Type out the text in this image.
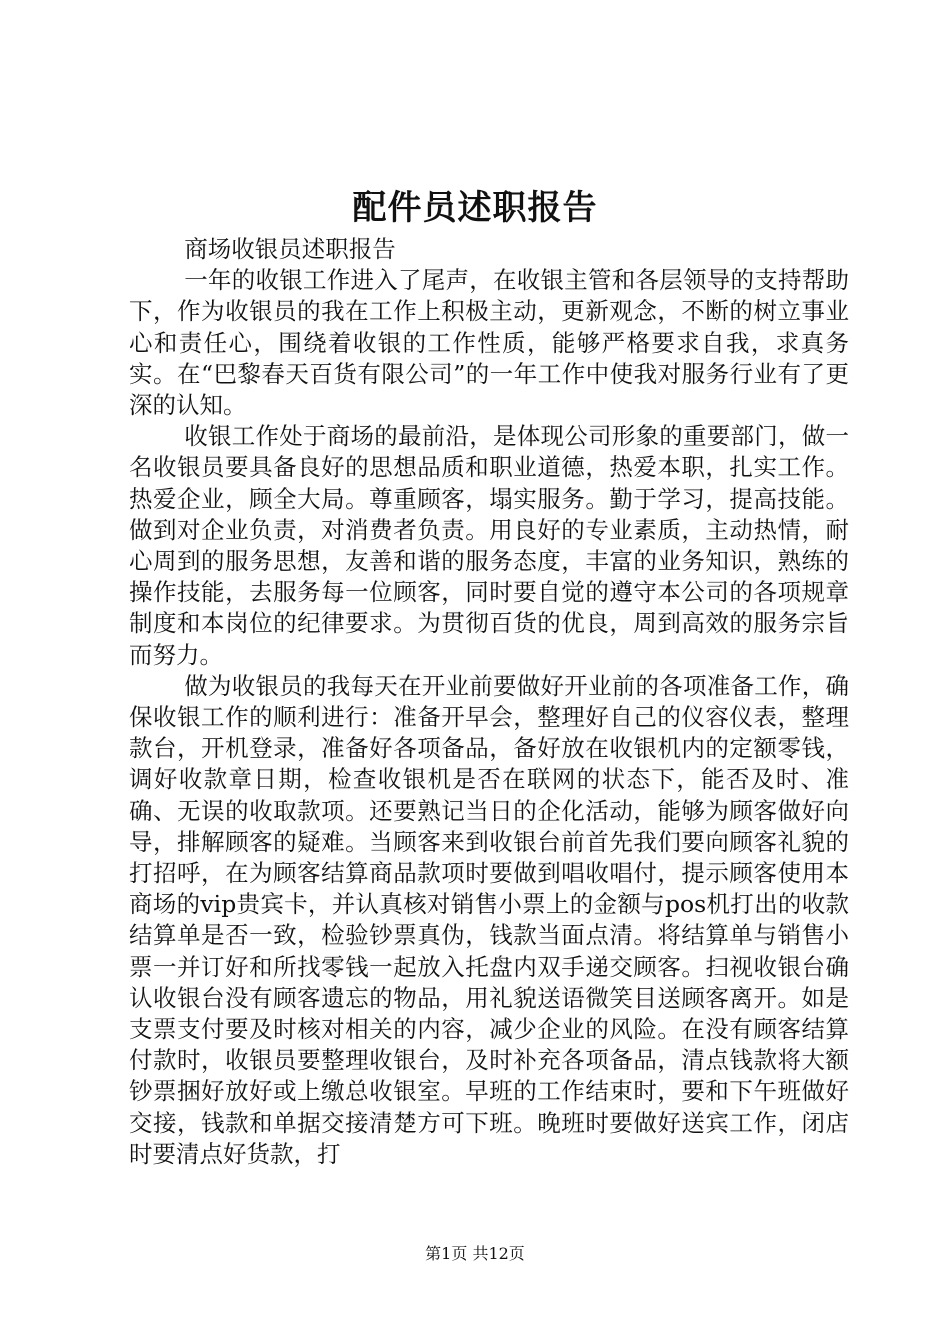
配件员述职报告

商场收银员述职报告

一年的收银工作进入了尾声，在收银主管和各层领导的支持帮助下，作为收银员的我在工作上积极主动，更新观念，不断的树立事业心和责任心，围绕着收银的工作性质，能够严格要求自我，求真务实。在“巴黎春天百货有限公司”的一年工作中使我对服务行业有了更深的认知。

收银工作处于商场的最前沿，是体现公司形象的重要部门，做一名收银员要具备良好的思想品质和职业道德，热爱本职，扎实工作。热爱企业，顾全大局。尊重顾客，塌实服务。勤于学习，提高技能。做到对企业负责，对消费者负责。用良好的专业素质，主动热情，耐心周到的服务思想，友善和谐的服务态度，丰富的业务知识，熟练的操作技能，去服务每一位顾客，同时要自觉的遵守本公司的各项规章制度和本岗位的纪律要求。为贯彻百货的优良，周到高效的服务宗旨而努力。

做为收银员的我每天在开业前要做好开业前的各项准备工作，确保收银工作的顺利进行：准备开早会，整理好自己的仪容仪表，整理款台，开机登录，准备好各项备品，备好放在收银机内的定额零钱，调好收款章日期，检查收银机是否在联网的状态下，能否及时、准确、无误的收取款项。还要熟记当日的企化活动，能够为顾客做好向导，排解顾客的疑难。当顾客来到收银台前首先我们要向顾客礼貌的打招呼，在为顾客结算商品款项时要做到唱收唱付，提示顾客使用本商场的vip贵宾卡，并认真核对销售小票上的金额与pos机打出的收款结算单是否一致，检验钞票真伪，钱款当面点清。将结算单与销售小票一并订好和所找零钱一起放入托盘内双手递交顾客。扫视收银台确认收银台没有顾客遗忘的物品，用礼貌送语微笑目送顾客离开。如是支票支付要及时核对相关的内容，减少企业的风险。在没有顾客结算付款时，收银员要整理收银台，及时补充各项备品，清点钱款将大额钞票捆好放好或上缴总收银室。早班的工作结束时，要和下午班做好交接，钱款和单据交接清楚方可下班。晚班时要做好送宾工作，闭店时要清点好货款，打

第1页 共12页
